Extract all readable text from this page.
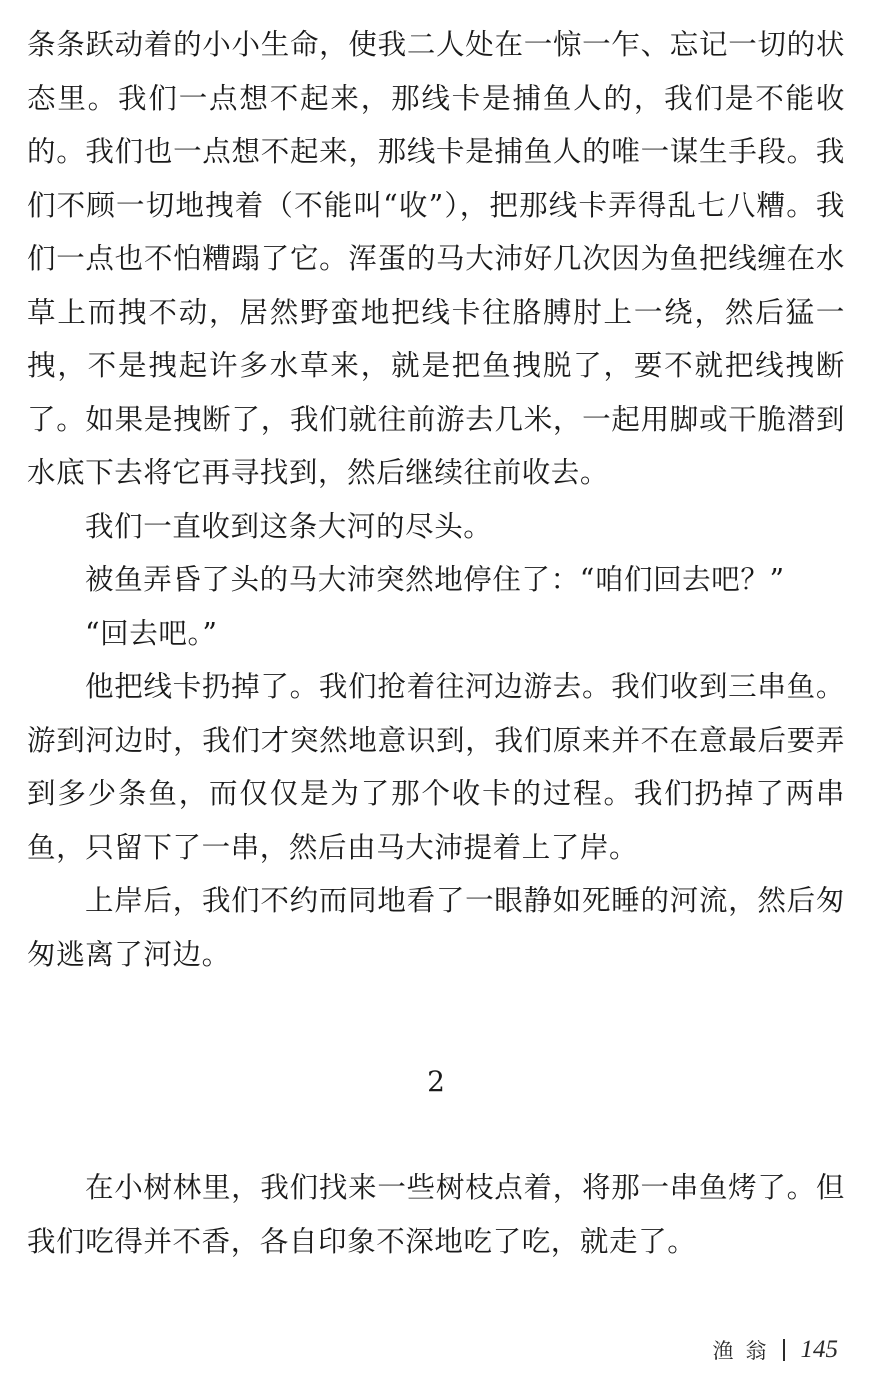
条条跃动着的小小生命，使我二人处在一惊一乍、忘记一切的状态里。我们一点想不起来，那线卡是捕鱼人的，我们是不能收的。我们也一点想不起来，那线卡是捕鱼人的唯一谋生手段。我们不顾一切地拽着（不能叫“收”），把那线卡弄得乱七八糟。我们一点也不怕糟蹋了它。浑蛋的马大沛好几次因为鱼把线缠在水草上而拽不动，居然野蛮地把线卡往胳膊肘上一绕，然后猛一拽，不是拽起许多水草来，就是把鱼拽脱了，要不就把线拽断了。如果是拽断了，我们就往前游去几米，一起用脚或干脆潜到水底下去将它再寻找到，然后继续往前收去。

我们一直收到这条大河的尽头。

被鱼弄昏了头的马大沛突然地停住了：“咱们回去吧？”

“回去吧。”

他把线卡扔掉了。我们抢着往河边游去。我们收到三串鱼。游到河边时，我们才突然地意识到，我们原来并不在意最后要弄到多少条鱼，而仅仅是为了那个收卡的过程。我们扔掉了两串鱼，只留下了一串，然后由马大沛提着上了岸。

上岸后，我们不约而同地看了一眼静如死睡的河流，然后匆匆逃离了河边。

2

在小树林里，我们找来一些树枝点着，将那一串鱼烤了。但我们吃得并不香，各自印象不深地吃了吃，就走了。

渔翁 145
